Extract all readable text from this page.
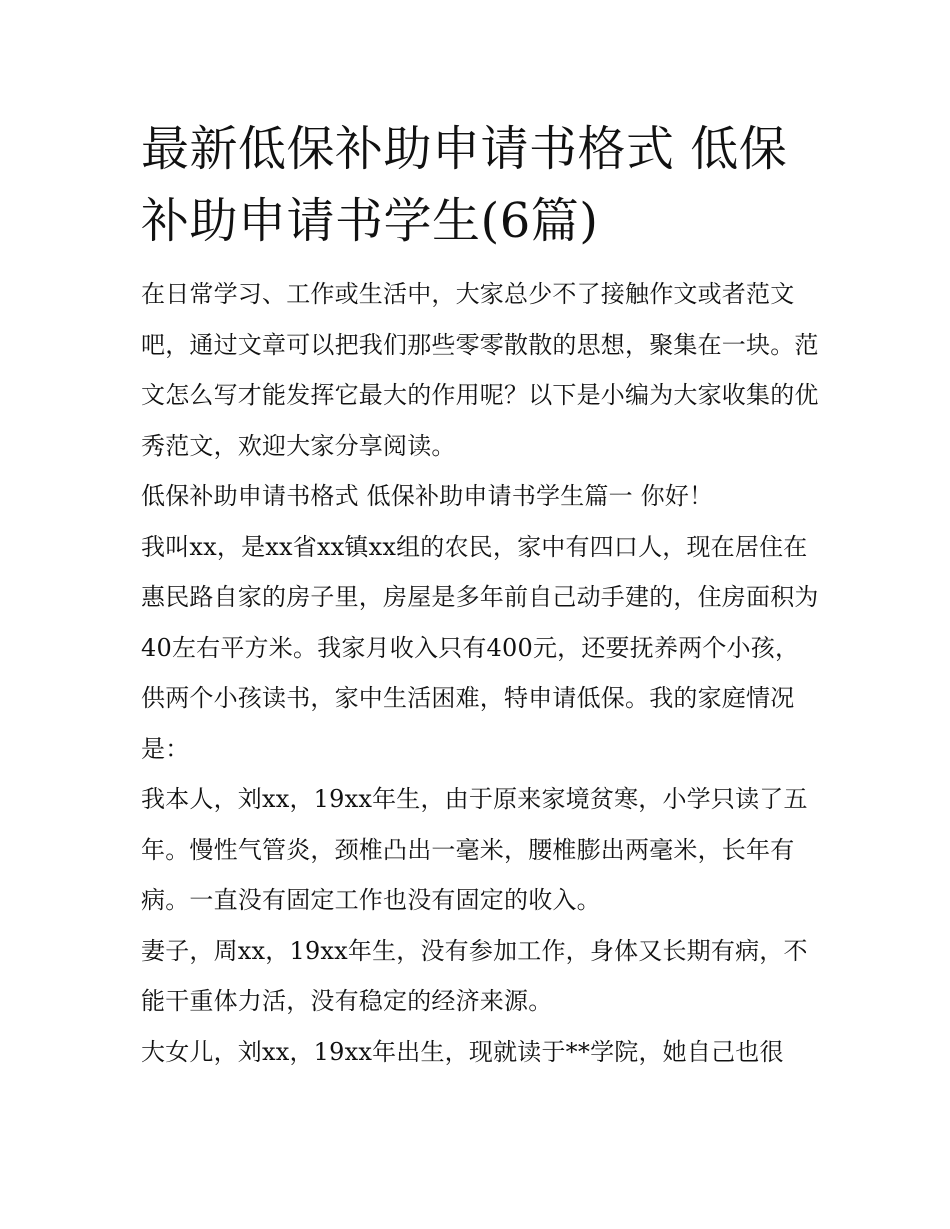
最新低保补助申请书格式 低保补助申请书学生(6篇)

在日常学习、工作或生活中，大家总少不了接触作文或者范文吧，通过文章可以把我们那些零零散散的思想，聚集在一块。范文怎么写才能发挥它最大的作用呢？以下是小编为大家收集的优秀范文，欢迎大家分享阅读。

低保补助申请书格式 低保补助申请书学生篇一 你好！

我叫xx，是xx省xx镇xx组的农民，家中有四口人，现在居住在惠民路自家的房子里，房屋是多年前自己动手建的，住房面积为40左右平方米。我家月收入只有400元，还要抚养两个小孩，供两个小孩读书，家中生活困难，特申请低保。我的家庭情况是：

我本人，刘xx，19xx年生，由于原来家境贫寒，小学只读了五年。慢性气管炎，颈椎凸出一毫米，腰椎膨出两毫米，长年有病。一直没有固定工作也没有固定的收入。

妻子，周xx，19xx年生，没有参加工作，身体又长期有病，不能干重体力活，没有稳定的经济来源。

大女儿，刘xx，19xx年出生，现就读于**学院，她自己也很
